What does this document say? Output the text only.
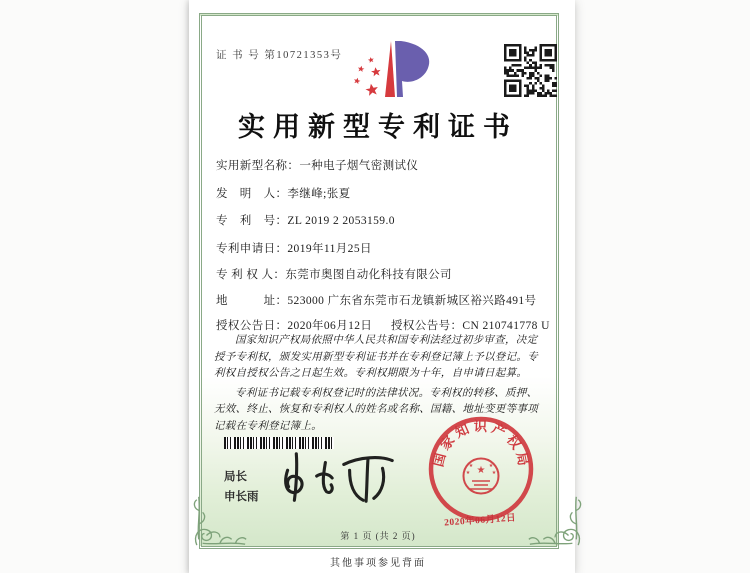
证 书 号 第10721353号
实用新型专利证书
实用新型名称：一种电子烟气密测试仪
发　明　人：李继峰;张夏
专　利　号：ZL 2019 2 2053159.0
专利申请日：2019年11月25日
专 利 权 人：东莞市奥图自动化科技有限公司
地　　　址：523000 广东省东莞市石龙镇新城区裕兴路491号
授权公告日：2020年06月12日 授权公告号：CN 210741778 U

国家知识产权局依照中华人民共和国专利法经过初步审查，决定授予专利权，颁发实用新型专利证书并在专利登记簿上予以登记。专利权自授权公告之日起生效。专利权期限为十年，自申请日起算。

专利证书记载专利权登记时的法律状况。专利权的转移、质押、无效、终止、恢复和专利权人的姓名或名称、国籍、地址变更等事项记载在专利登记簿上。

局长
申长雨
国家知识产权局
★
★	★
★	★
2020年06月12日
第 1 页 (共 2 页)
其他事项参见背面
